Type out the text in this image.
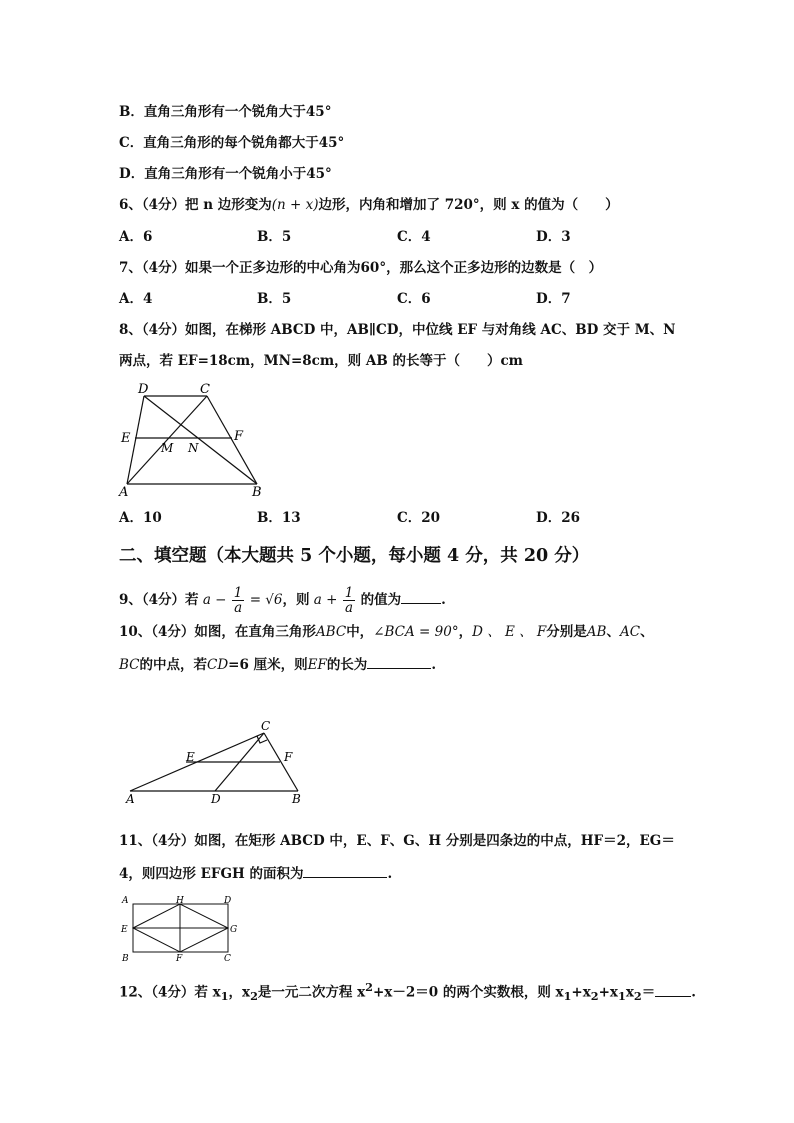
B．直角三角形有一个锐角大于45°
C．直角三角形的每个锐角都大于45°
D．直角三角形有一个锐角小于45°
6、（4分）把 n 边形变为(n + x)边形，内角和增加了 720°，则 x 的值为（　　）
A．6	B．5	C．4	D．3
7、（4分）如果一个正多边形的中心角为60°，那么这个正多边形的边数是（　）
A．4	B．5	C．6	D．7
8、（4分）如图，在梯形 ABCD 中，AB∥CD，中位线 EF 与对角线 AC、BD 交于 M、N
两点，若 EF=18cm，MN=8cm，则 AB 的长等于（　　）cm
D	C
E	F
M N
A	B
A．10	B．13	C．20	D．26
二、填空题（本大题共 5 个小题，每小题 4 分，共 20 分）
9、（4分）若 $a - \frac{1}{a} = √6$，则 $a + \frac{1}{a}$ 的值为	.
10、（4分）如图，在直角三角形ABC中，∠BCA = 90°，D 、 E 、 F分别是AB、AC、
BC的中点，若CD=6 厘米，则EF的长为	.
C
E	F
A	D	B
11、（4分）如图，在矩形 ABCD 中，E、F、G、H 分别是四条边的中点，HF＝2，EG＝
4，则四边形 EFGH 的面积为	.
A	H	D
E	G
B	F	C
12、（4分）若 $x_1$，$x_2$是一元二次方程 $x^2+x-2=0$ 的两个实数根，则 $x_1+x_2+x_1x_2=$	.
